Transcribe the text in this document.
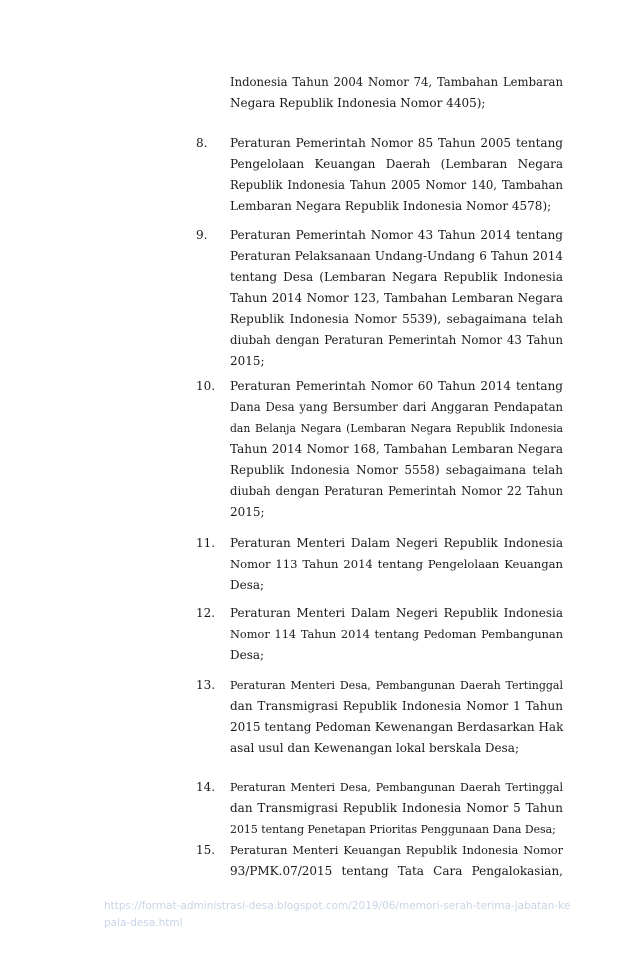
Indonesia Tahun 2004 Nomor 74, Tambahan Lembaran
Negara Republik Indonesia Nomor 4405);
8.	Peraturan Pemerintah Nomor 85 Tahun 2005 tentang
Pengelolaan Keuangan Daerah (Lembaran Negara
Republik Indonesia Tahun 2005 Nomor 140, Tambahan
Lembaran Negara Republik Indonesia Nomor 4578);
9.	Peraturan Pemerintah Nomor 43 Tahun 2014 tentang
Peraturan Pelaksanaan Undang-Undang 6 Tahun 2014
tentang Desa (Lembaran Negara Republik Indonesia
Tahun 2014 Nomor 123, Tambahan Lembaran Negara
Republik Indonesia Nomor 5539), sebagaimana telah
diubah dengan Peraturan Pemerintah Nomor 43 Tahun
2015;
10.	Peraturan Pemerintah Nomor 60 Tahun 2014 tentang
Dana Desa yang Bersumber dari Anggaran Pendapatan
dan Belanja Negara (Lembaran Negara Republik Indonesia
Tahun 2014 Nomor 168, Tambahan Lembaran Negara
Republik Indonesia Nomor 5558) sebagaimana telah
diubah dengan Peraturan Pemerintah Nomor 22 Tahun
2015;
11.	Peraturan Menteri Dalam Negeri Republik Indonesia
Nomor 113 Tahun 2014 tentang Pengelolaan Keuangan
Desa;
12.	Peraturan Menteri Dalam Negeri Republik Indonesia
Nomor 114 Tahun 2014 tentang Pedoman Pembangunan
Desa;
13.	Peraturan Menteri Desa, Pembangunan Daerah Tertinggal
dan Transmigrasi Republik Indonesia Nomor 1 Tahun
2015 tentang Pedoman Kewenangan Berdasarkan Hak
asal usul dan Kewenangan lokal berskala Desa;
14.	Peraturan Menteri Desa, Pembangunan Daerah Tertinggal
dan Transmigrasi Republik Indonesia Nomor 5 Tahun
2015 tentang Penetapan Prioritas Penggunaan Dana Desa;
15.	Peraturan Menteri Keuangan Republik Indonesia Nomor
93/PMK.07/2015 tentang Tata Cara Pengalokasian,
https://format-administrasi-desa.blogspot.com/2019/06/memori-serah-terima-jabatan-kepala-desa.html
